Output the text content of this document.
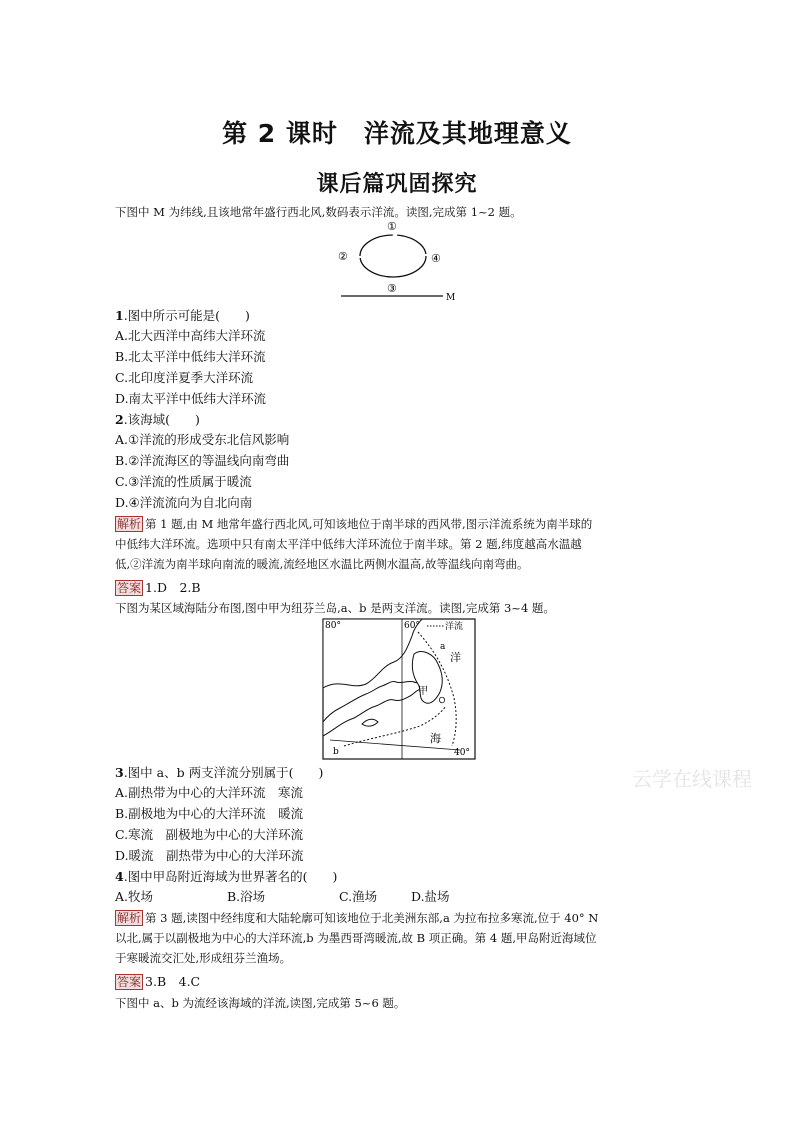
第 2 课时　洋流及其地理意义
课后篇巩固探究
下图中 M 为纬线,且该地常年盛行西北风,数码表示洋流。读图,完成第 1~2 题。
①
②	④
③
M
1.图中所示可能是(　　)
A.北大西洋中高纬大洋环流
B.北太平洋中低纬大洋环流
C.北印度洋夏季大洋环流
D.南太平洋中低纬大洋环流
2.该海域(　　)
A.①洋流的形成受东北信风影响
B.②洋流海区的等温线向南弯曲
C.③洋流的性质属于暖流
D.④洋流流向为自北向南
解析 第 1 题,由 M 地常年盛行西北风,可知该地位于南半球的西风带,图示洋流系统为南半球的
中低纬大洋环流。选项中只有南太平洋中低纬大洋环流位于南半球。第 2 题,纬度越高水温越
低,②洋流为南半球向南流的暖流,流经地区水温比两侧水温高,故等温线向南弯曲。
答案 1.D　2.B
下图为某区域海陆分布图,图中甲为纽芬兰岛,a、b 是两支洋流。读图,完成第 3~4 题。
洋流
80°	60°
a
洋
甲
b
海
40°
云学在线课程
3.图中 a、b 两支洋流分别属于(　　)
A.副热带为中心的大洋环流　寒流
B.副极地为中心的大洋环流　暖流
C.寒流　副极地为中心的大洋环流
D.暖流　副热带为中心的大洋环流
4.图中甲岛附近海域为世界著名的(　　)
A.牧场	B.浴场	C.渔场	D.盐场
解析 第 3 题,读图中经纬度和大陆轮廓可知该地位于北美洲东部,a 为拉布拉多寒流,位于 40° N
以北,属于以副极地为中心的大洋环流,b 为墨西哥湾暖流,故 B 项正确。第 4 题,甲岛附近海域位
于寒暖流交汇处,形成纽芬兰渔场。
答案 3.B　4.C
下图中 a、b 为流经该海域的洋流,读图,完成第 5~6 题。
